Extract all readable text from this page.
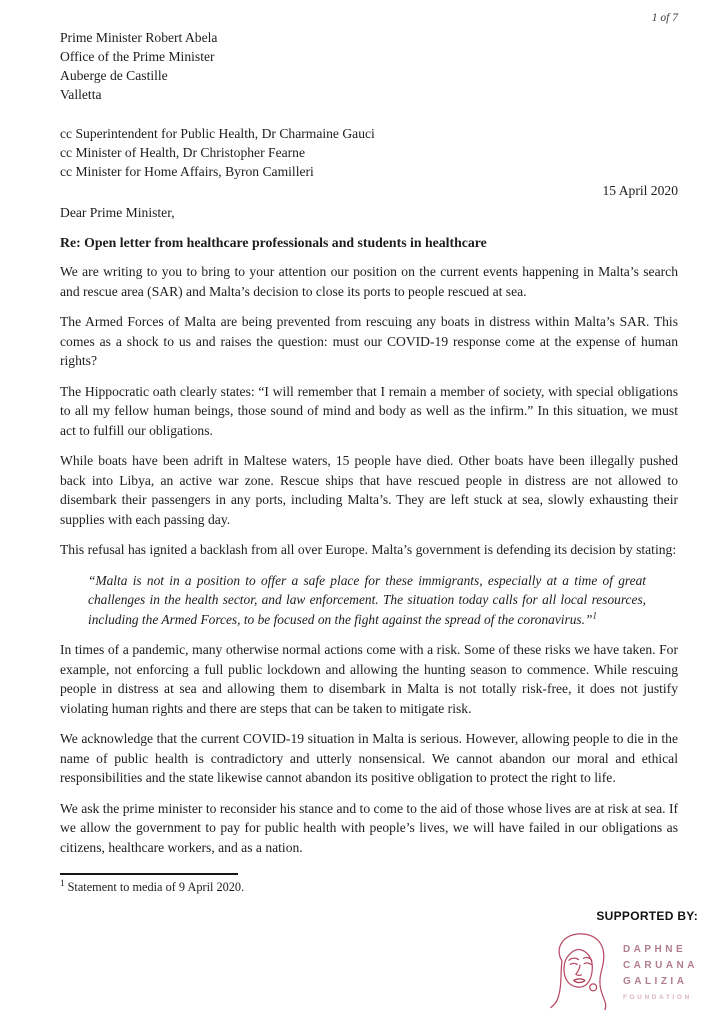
1 of 7
Prime Minister Robert Abela
Office of the Prime Minister
Auberge de Castille
Valletta
cc Superintendent for Public Health, Dr Charmaine Gauci
cc Minister of Health, Dr Christopher Fearne
cc Minister for Home Affairs, Byron Camilleri
15 April 2020
Dear Prime Minister,
Re: Open letter from healthcare professionals and students in healthcare

We are writing to you to bring to your attention our position on the current events happening in Malta’s search and rescue area (SAR) and Malta’s decision to close its ports to people rescued at sea.

The Armed Forces of Malta are being prevented from rescuing any boats in distress within Malta’s SAR. This comes as a shock to us and raises the question: must our COVID-19 response come at the expense of human rights?

The Hippocratic oath clearly states: “I will remember that I remain a member of society, with special obligations to all my fellow human beings, those sound of mind and body as well as the infirm.” In this situation, we must act to fulfill our obligations.

While boats have been adrift in Maltese waters, 15 people have died. Other boats have been illegally pushed back into Libya, an active war zone. Rescue ships that have rescued people in distress are not allowed to disembark their passengers in any ports, including Malta’s. They are left stuck at sea, slowly exhausting their supplies with each passing day.

This refusal has ignited a backlash from all over Europe. Malta’s government is defending its decision by stating:

“Malta is not in a position to offer a safe place for these immigrants, especially at a time of great challenges in the health sector, and law enforcement. The situation today calls for all local resources, including the Armed Forces, to be focused on the fight against the spread of the coronavirus.”$^1$

In times of a pandemic, many otherwise normal actions come with a risk. Some of these risks we have taken. For example, not enforcing a full public lockdown and allowing the hunting season to commence. While rescuing people in distress at sea and allowing them to disembark in Malta is not totally risk-free, it does not justify violating human rights and there are steps that can be taken to mitigate risk.

We acknowledge that the current COVID-19 situation in Malta is serious. However, allowing people to die in the name of public health is contradictory and utterly nonsensical. We cannot abandon our moral and ethical responsibilities and the state likewise cannot abandon its positive obligation to protect the right to life.

We ask the prime minister to reconsider his stance and to come to the aid of those whose lives are at risk at sea. If we allow the government to pay for public health with people’s lives, we will have failed in our obligations as citizens, healthcare workers, and as a nation.

$^1$ Statement to media of 9 April 2020.
SUPPORTED BY:
DAPHNE
CARUANA
GALIZIA
FOUNDATION
